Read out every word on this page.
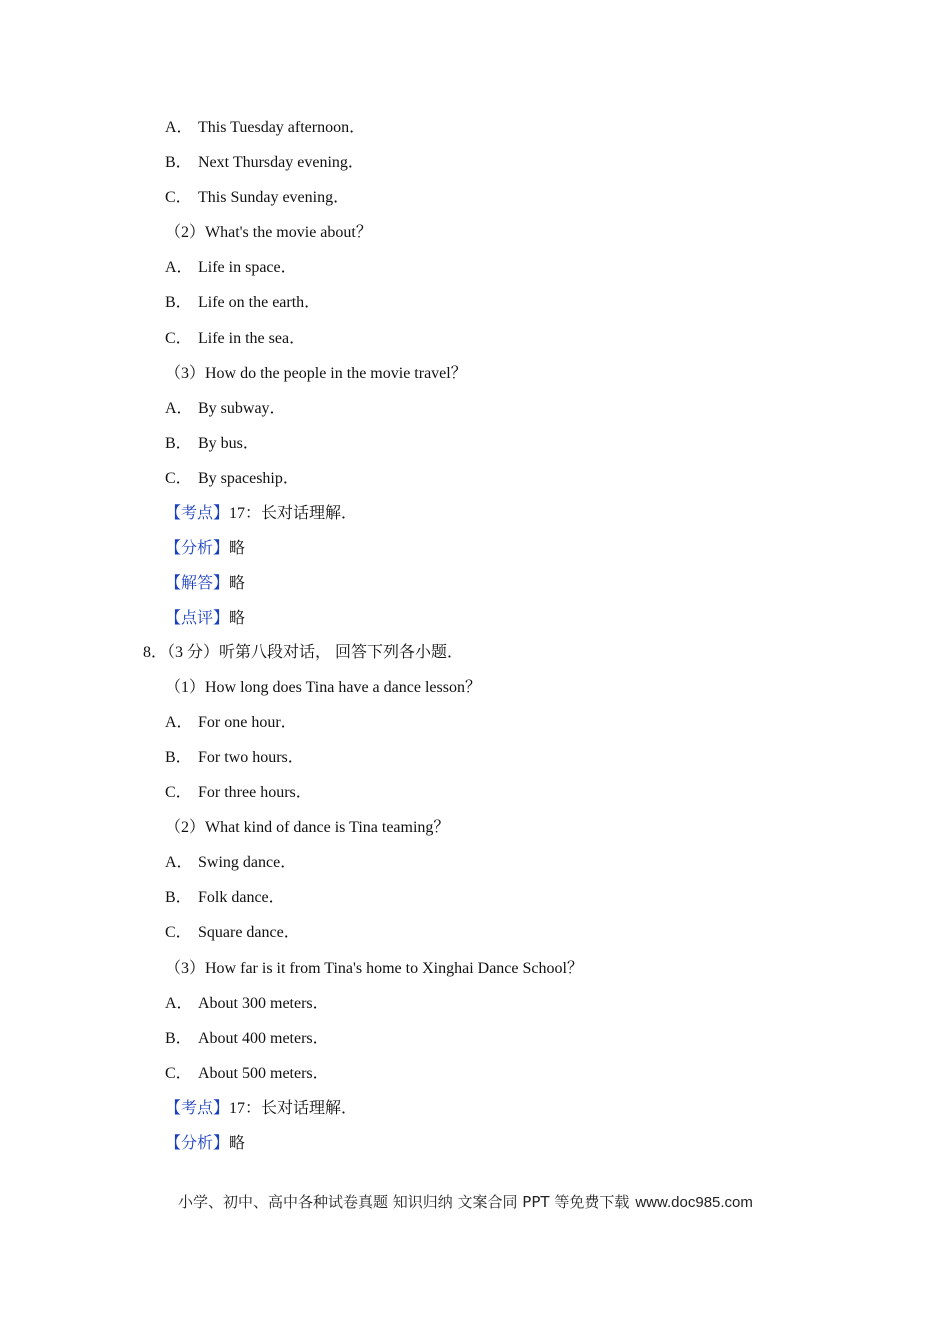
A． This Tuesday afternoon．
B． Next Thursday evening．
C． This Sunday evening．
（2）What's the movie about？
A． Life in space．
B． Life on the earth．
C． Life in the sea．
（3）How do the people in the movie travel？
A． By subway．
B． By bus．
C． By spaceship．
【考点】17：长对话理解．
【分析】略
【解答】略
【点评】略
8．（3 分）听第八段对话， 回答下列各小题．
（1）How long does Tina have a dance lesson？
A． For one hour．
B． For two hours．
C． For three hours．
（2）What kind of dance is Tina teaming？
A． Swing dance．
B． Folk dance．
C． Square dance．
（3）How far is it from Tina's home to Xinghai Dance School？
A． About 300 meters．
B． About 400 meters．
C． About 500 meters．
【考点】17：长对话理解．
【分析】略
小学、初中、高中各种试卷真题 知识归纳 文案合同 PPT 等免费下载 www.doc985.com
